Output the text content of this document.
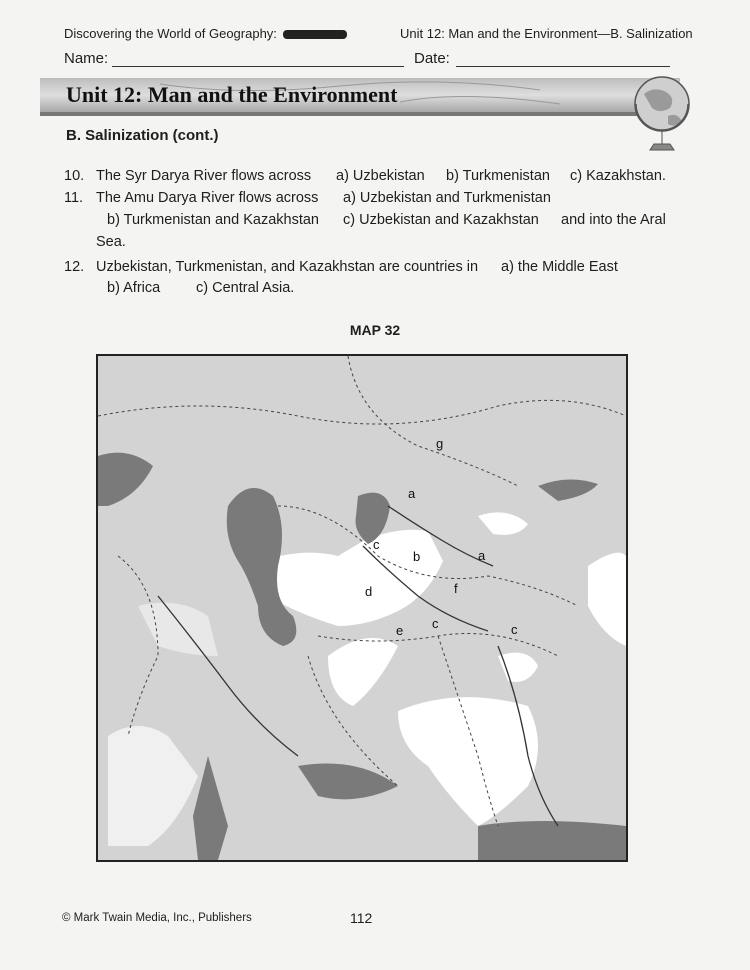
Discovering the World of Geography:	Unit 12: Man and the Environment—B. Salinization
Name:	Date:
Unit 12: Man and the Environment
B. Salinization (cont.)
10. The Syr Darya River flows across a) Uzbekistan b) Turkmenistan c) Kazakhstan.
11. The Amu Darya River flows across a) Uzbekistan and Turkmenistan
b) Turkmenistan and Kazakhstan c) Uzbekistan and Kazakhstan and into the Aral
Sea.
12. Uzbekistan, Turkmenistan, and Kazakhstan are countries in a) the Middle East
b) Africa c) Central Asia.
MAP 32
g
a
c
b	a
d	f
e c	c
© Mark Twain Media, Inc., Publishers	112
